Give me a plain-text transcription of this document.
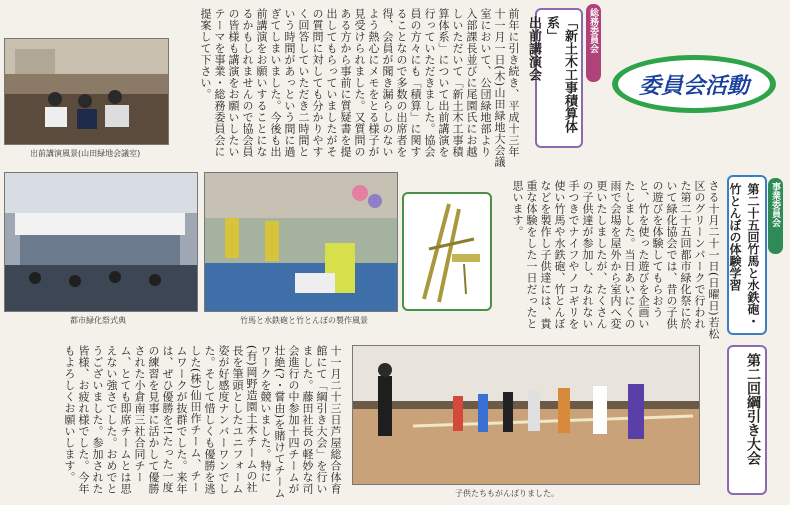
前年に引き続き、平成十三年十一月一日(木)山田緑地大会議室において、公団緑地部より入部課長並びに尾園氏にお越しいただいて「新土木工事積算体系」について出前講演を行っていただきました。協会員の方々にも「積算」に関することなので多数の出席者を得、会員が聞き漏らしのないよう熱心にメモをとる様子が見受けられました。又質問のある方から事前に質疑書を提出してもらっていましたがその質問に対しても分かりやすく回答していただき二時間という時間があっという間に過ぎてしまいました。今後も出前講演をお願いすることになるかもしれませんので協会員の皆様も講演をお願いしたいテーマを事業・総務委員会に提案して下さい。	総務委員会
「新土木工事積算体系」
出前講演会
委員会活動
出前講演風景(山田緑地会議室)
都市緑化祭式典	竹馬と水鉄砲と竹とんぼの製作風景	さる十月二十一日(日曜日)若松区のグリーンパークで行われた第二十五回都市緑化祭に於いて緑化協会では、昔の子供の遊びを体験してもらおうと、竹を使った遊びを企画いたしました。当日あいにくの雨で会場を屋外から室内へ変更いたしましたが、たくさんの子供達が参加し、なれない手つきでナイフやノコギリを使い竹馬や水鉄砲、竹とんぼなどを製作し子供達には、貴重な体験をした一日だったと思います。	事業委員会
第二十五回竹馬と水鉄砲・竹とんぼの体験学習
十一月二十三日芦屋総合体育館にて「綱引き大会」を行いました。藤田社長の軽妙な司会進行の中参加十四チームが壮絶(?・嘗由)を賭けてチームワークを競いました。特に(有)岡野造園土木チームの社長を筆頭としたユニフォーム姿が好感度ナンバーワンでした。そして惜しくも優勝を逃した(株)仙田作チーム、チームワークが抜群でした。来年は、ぜひ優勝を!!たった一度の練習を見事に活かして優勝された小倉南三社合同チーム、とても即席チームとは思えない強さでした。おめでとうございました。参加された皆様、お疲れ様でした。今年もよろしくお願いします。
子供たちもがんばりました。
第二回綱引き大会
